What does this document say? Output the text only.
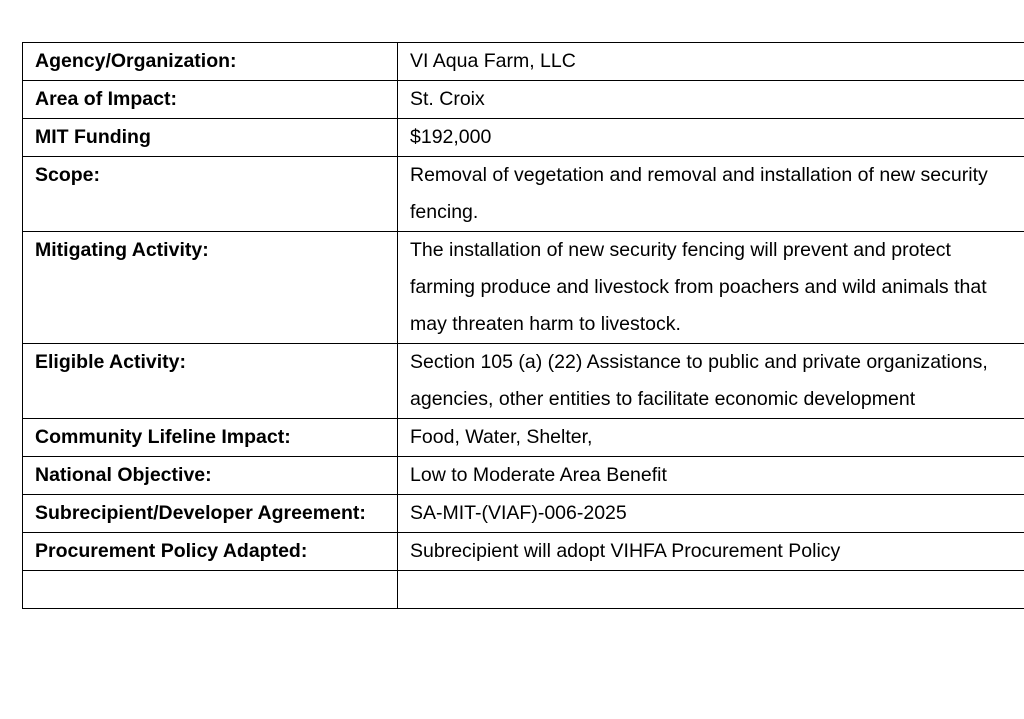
Agency/Organization:	VI Aqua Farm, LLC
Area of Impact:	St. Croix
MIT Funding	$192,000
Scope:	Removal of vegetation and removal and installation of new security fencing.
Mitigating Activity:	The installation of new security fencing will prevent and protect farming produce and livestock from poachers and wild animals that may threaten harm to livestock.
Eligible Activity:	Section 105 (a) (22) Assistance to public and private organizations, agencies, other entities to facilitate economic development
Community Lifeline Impact:	Food, Water, Shelter,
National Objective:	Low to Moderate Area Benefit
Subrecipient/Developer Agreement:	SA-MIT-(VIAF)-006-2025
Procurement Policy Adapted:	Subrecipient will adopt VIHFA Procurement Policy
